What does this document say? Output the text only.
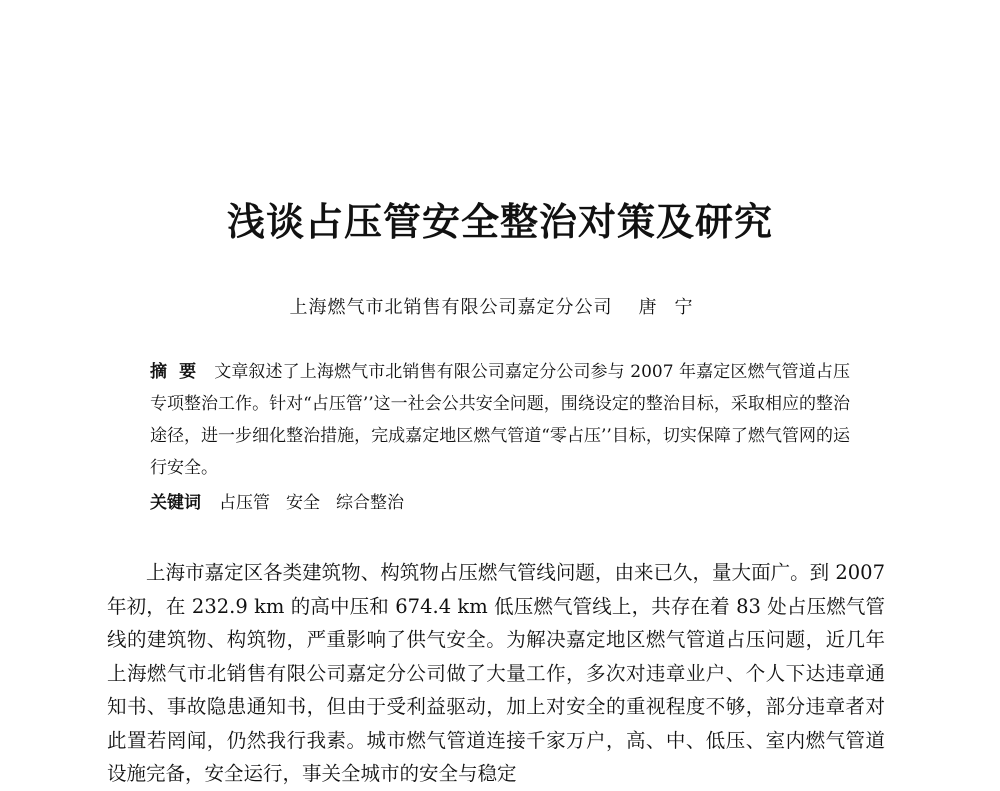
浅谈占压管安全整治对策及研究
上海燃气市北销售有限公司嘉定分公司 唐宁

摘要 文章叙述了上海燃气市北销售有限公司嘉定分公司参与 2007 年嘉定区燃气管道占压专项整治工作。针对“占压管’’这一社会公共安全问题，围绕设定的整治目标，采取相应的整治途径，进一步细化整治措施，完成嘉定地区燃气管道“零占压’’目标，切实保障了燃气管网的运行安全。

关键词 占压管 安全 综合整治

上海市嘉定区各类建筑物、构筑物占压燃气管线问题，由来已久，量大面广。到 2007 年初，在 232.9 km 的高中压和 674.4 km 低压燃气管线上，共存在着 83 处占压燃气管线的建筑物、构筑物，严重影响了供气安全。为解决嘉定地区燃气管道占压问题，近几年上海燃气市北销售有限公司嘉定分公司做了大量工作，多次对违章业户、个人下达违章通知书、事故隐患通知书，但由于受利益驱动，加上对安全的重视程度不够，部分违章者对此置若罔闻，仍然我行我素。城市燃气管道连接千家万户，高、中、低压、室内燃气管道设施完备，安全运行，事关全城市的安全与稳定
